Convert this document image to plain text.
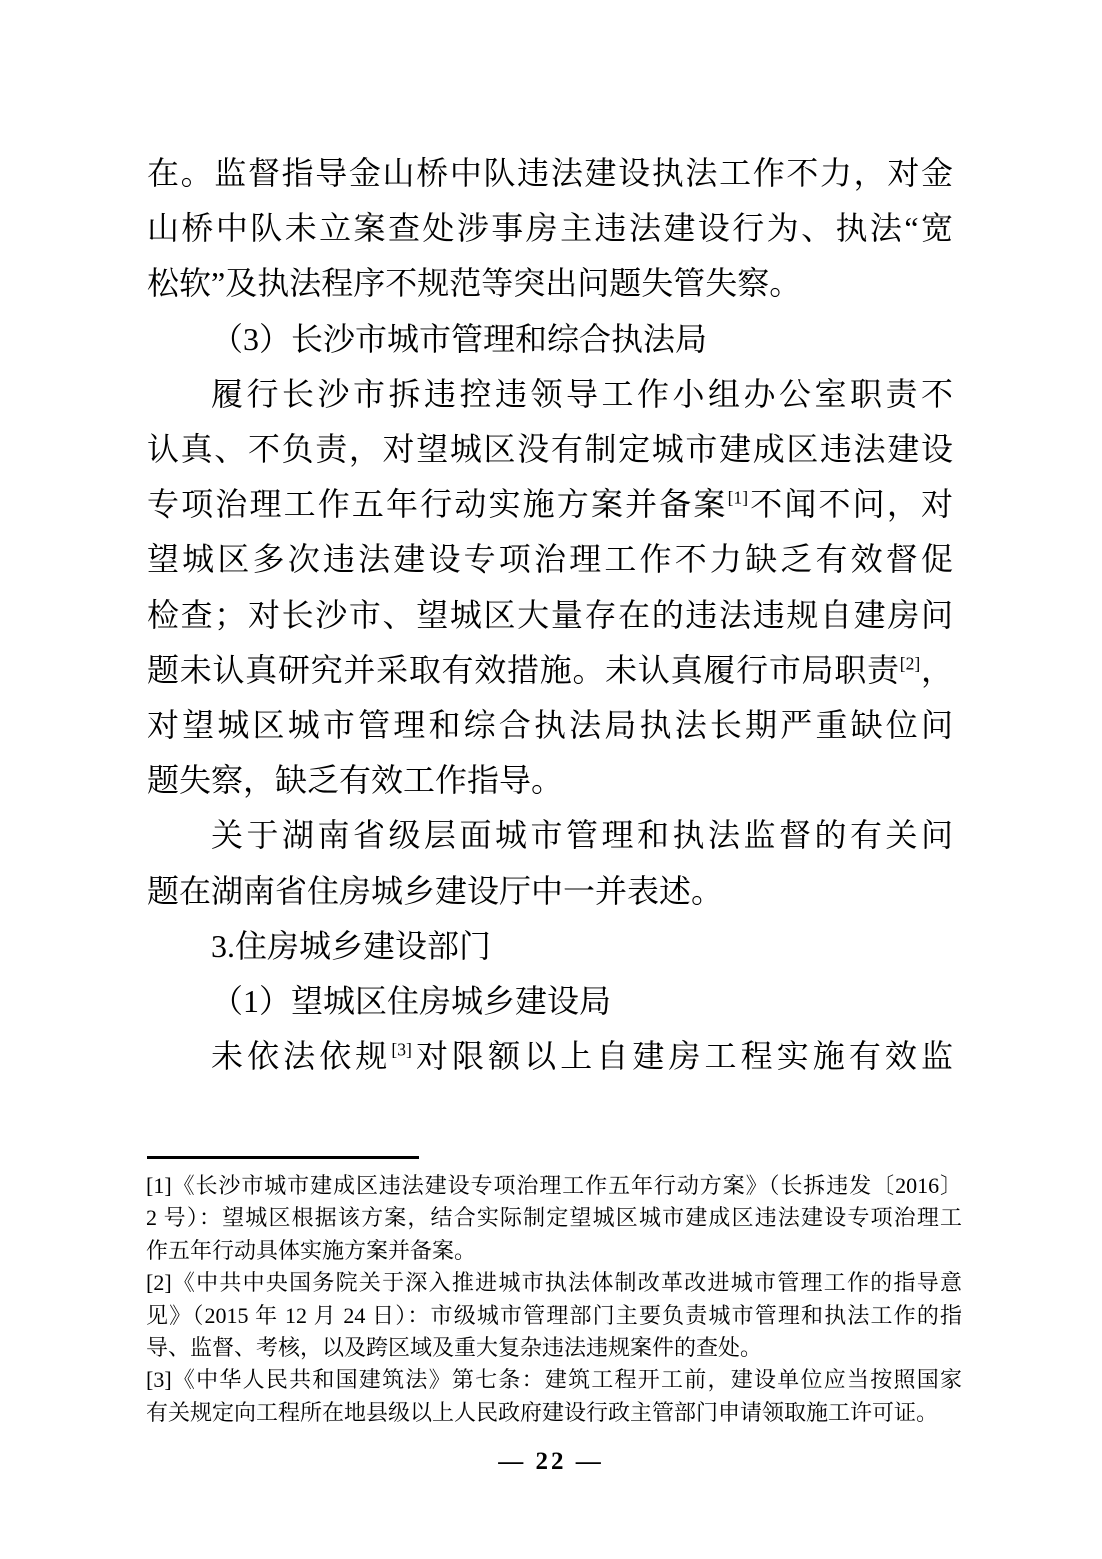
在。监督指导金山桥中队违法建设执法工作不力，对金
山桥中队未立案查处涉事房主违法建设行为、执法“宽
松软”及执法程序不规范等突出问题失管失察。
（3）长沙市城市管理和综合执法局
履行长沙市拆违控违领导工作小组办公室职责不
认真、不负责，对望城区没有制定城市建成区违法建设
专项治理工作五年行动实施方案并备案[1]不闻不问，对
望城区多次违法建设专项治理工作不力缺乏有效督促
检查；对长沙市、望城区大量存在的违法违规自建房问
题未认真研究并采取有效措施。未认真履行市局职责[2]，
对望城区城市管理和综合执法局执法长期严重缺位问
题失察，缺乏有效工作指导。
关于湖南省级层面城市管理和执法监督的有关问
题在湖南省住房城乡建设厅中一并表述。
3.住房城乡建设部门
（1）望城区住房城乡建设局
未依法依规[3]对限额以上自建房工程实施有效监
[1]《长沙市城市建成区违法建设专项治理工作五年行动方案》（长拆违发〔2016〕
2 号）：望城区根据该方案，结合实际制定望城区城市建成区违法建设专项治理工
作五年行动具体实施方案并备案。
[2]《中共中央国务院关于深入推进城市执法体制改革改进城市管理工作的指导意
见》（2015 年 12 月 24 日）：市级城市管理部门主要负责城市管理和执法工作的指
导、监督、考核，以及跨区域及重大复杂违法违规案件的查处。
[3]《中华人民共和国建筑法》第七条：建筑工程开工前，建设单位应当按照国家
有关规定向工程所在地县级以上人民政府建设行政主管部门申请领取施工许可证。
— 22 —
